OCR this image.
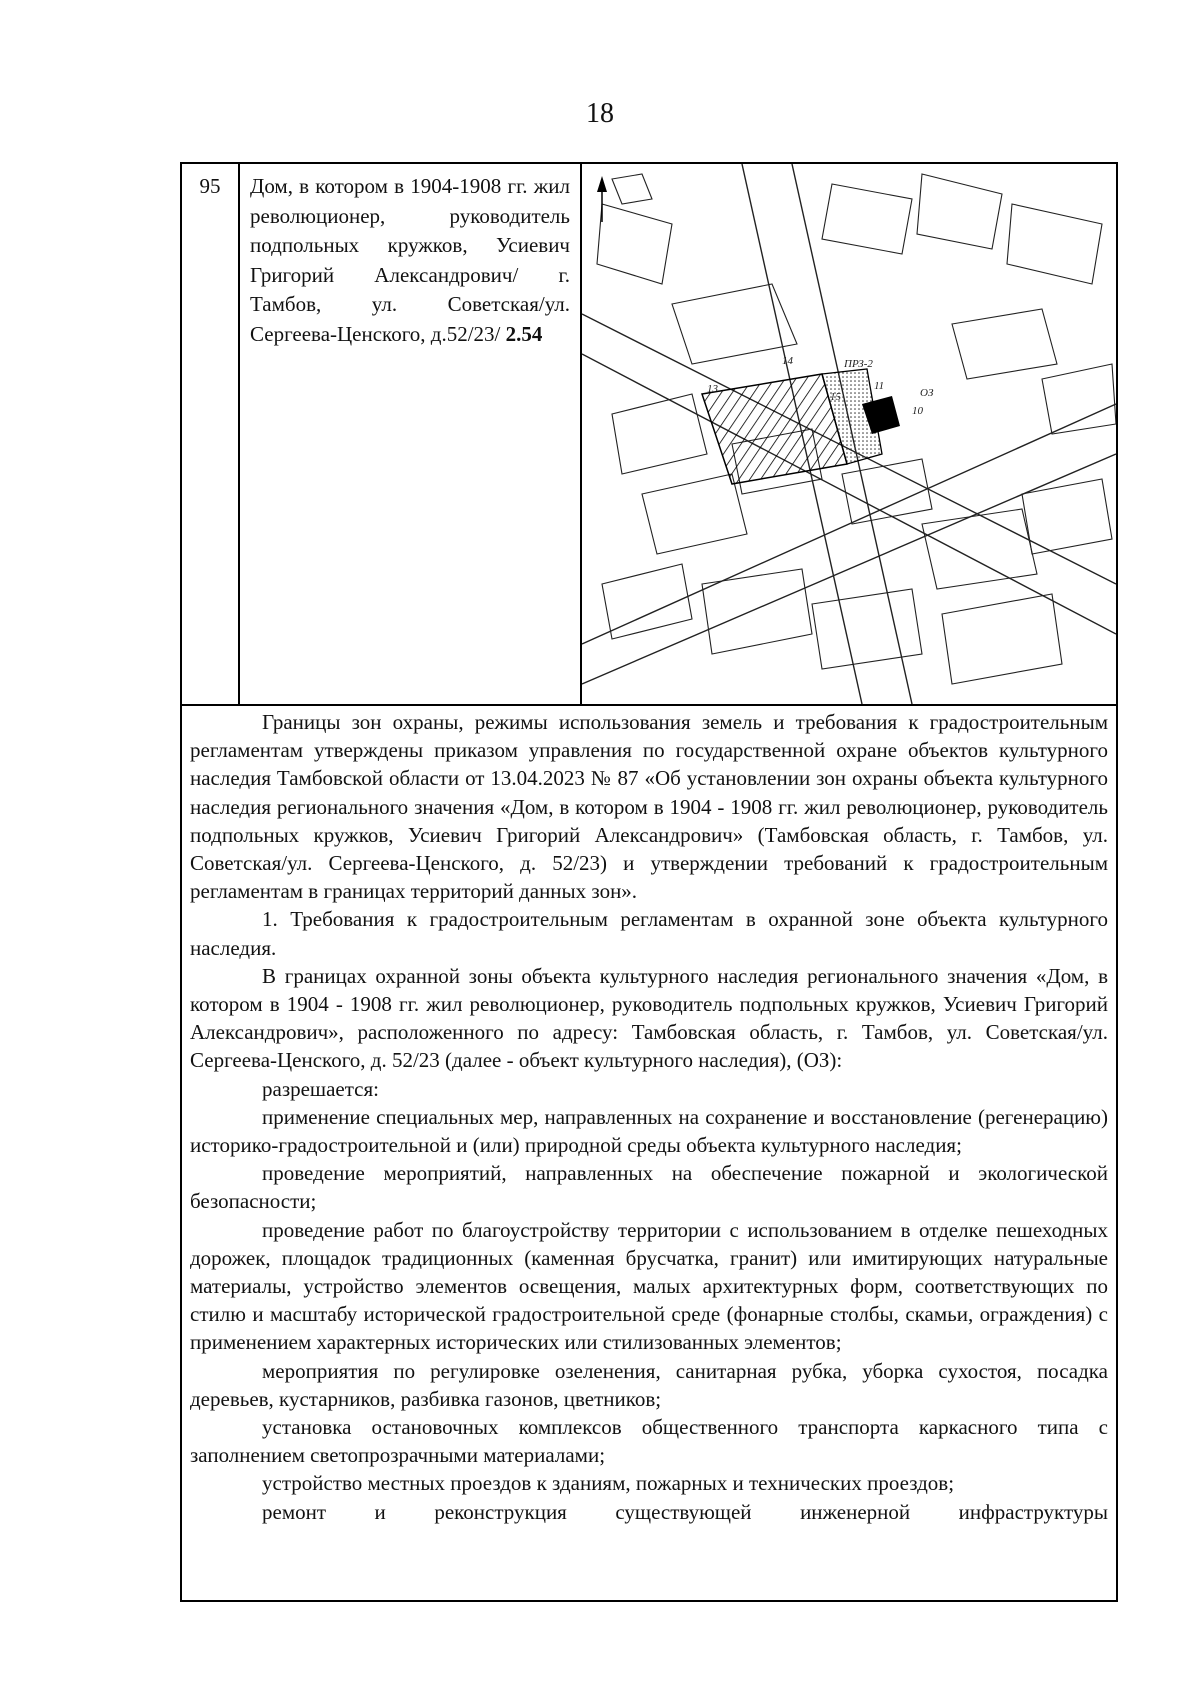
18
95	Дом, в котором в 1904-1908 гг. жил революционер, руководитель подпольных кружков, Усиевич Григорий Александрович/ г. Тамбов, ул. Советская/ул. Сергеева-Ценского, д.52/23/ 2.54
14
13
15
11
10
ПРЗ-2
ОЗ

Границы зон охраны, режимы использования земель и требования к градостроительным регламентам утверждены приказом управления по государственной охране объектов культурного наследия Тамбовской области от 13.04.2023 № 87 «Об установлении зон охраны объекта культурного наследия регионального значения «Дом, в котором в 1904 - 1908 гг. жил революционер, руководитель подпольных кружков, Усиевич Григорий Александрович» (Тамбовская область, г. Тамбов, ул. Советская/ул. Сергеева-Ценского, д. 52/23) и утверждении требований к градостроительным регламентам в границах территорий данных зон».

1. Требования к градостроительным регламентам в охранной зоне объекта культурного наследия.

В границах охранной зоны объекта культурного наследия регионального значения «Дом, в котором в 1904 - 1908 гг. жил революционер, руководитель подпольных кружков, Усиевич Григорий Александрович», расположенного по адресу: Тамбовская область, г. Тамбов, ул. Советская/ул. Сергеева-Ценского, д. 52/23 (далее - объект культурного наследия), (ОЗ):

разрешается:

применение специальных мер, направленных на сохранение и восстановление (регенерацию) историко-градостроительной и (или) природной среды объекта культурного наследия;

проведение мероприятий, направленных на обеспечение пожарной и экологической безопасности;

проведение работ по благоустройству территории с использованием в отделке пешеходных дорожек, площадок традиционных (каменная брусчатка, гранит) или имитирующих натуральные материалы, устройство элементов освещения, малых архитектурных форм, соответствующих по стилю и масштабу исторической градостроительной среде (фонарные столбы, скамьи, ограждения) с применением характерных исторических или стилизованных элементов;

мероприятия по регулировке озеленения, санитарная рубка, уборка сухостоя, посадка деревьев, кустарников, разбивка газонов, цветников;

установка остановочных комплексов общественного транспорта каркасного типа с заполнением светопрозрачными материалами;

устройство местных проездов к зданиям, пожарных и технических проездов;

ремонт и реконструкция существующей инженерной инфраструктуры
